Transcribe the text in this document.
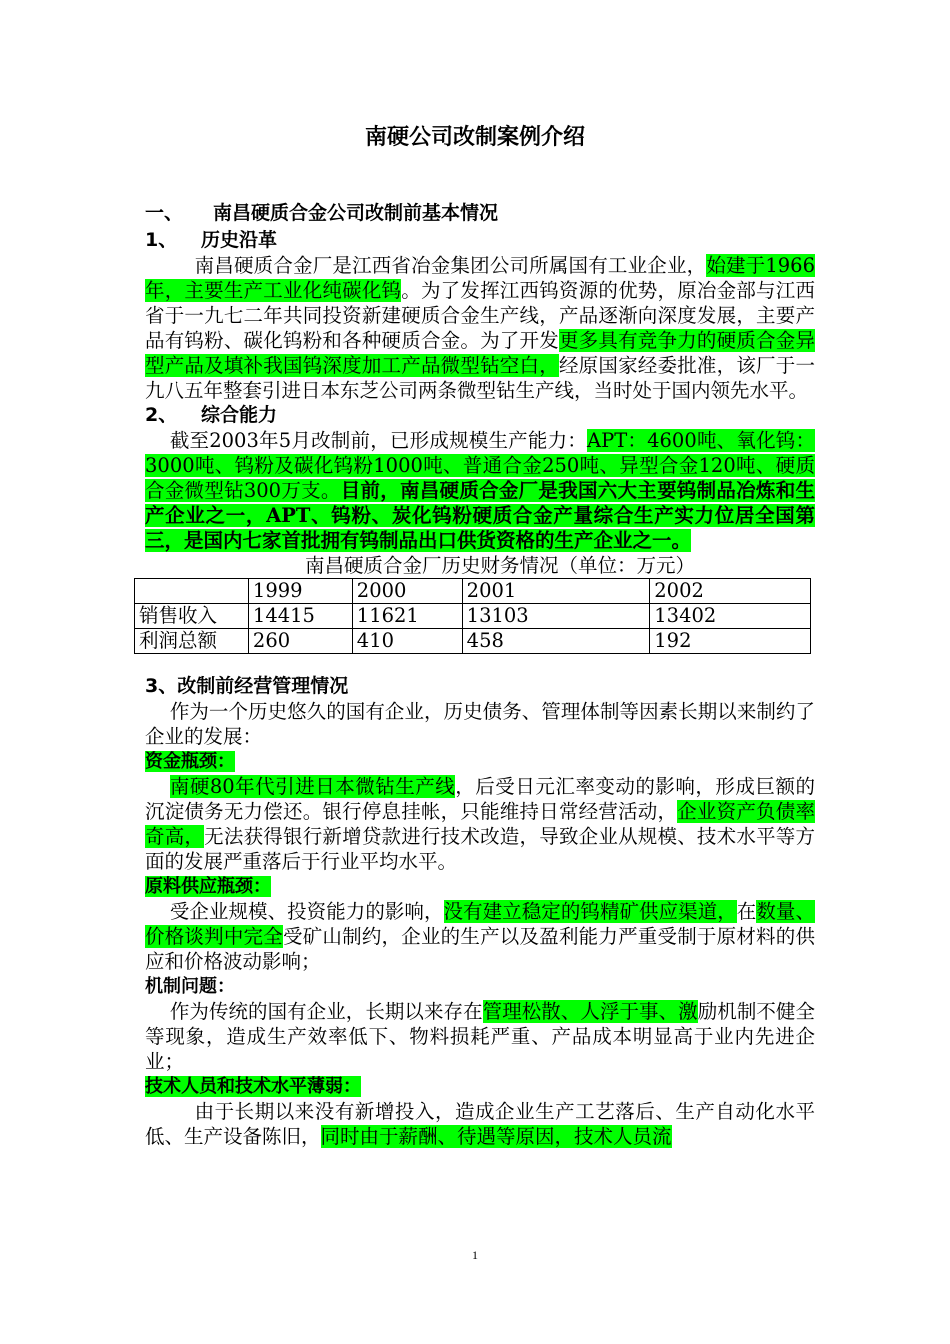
南硬公司改制案例介绍
一、 南昌硬质合金公司改制前基本情况
1、 历史沿革

南昌硬质合金厂是江西省冶金集团公司所属国有工业企业，始建于1966年，主要生产工业化纯碳化钨。为了发挥江西钨资源的优势，原冶金部与江西省于一九七二年共同投资新建硬质合金生产线，产品逐渐向深度发展，主要产品有钨粉、碳化钨粉和各种硬质合金。为了开发更多具有竞争力的硬质合金异型产品及填补我国钨深度加工产品微型钻空白，经原国家经委批准，该厂于一九八五年整套引进日本东芝公司两条微型钻生产线，当时处于国内领先水平。

2、 综合能力

截至2003年5月改制前，已形成规模生产能力：APT：4600吨、氧化钨：3000吨、钨粉及碳化钨粉1000吨、普通合金250吨、异型合金120吨、硬质合金微型钻300万支。目前，南昌硬质合金厂是我国六大主要钨制品冶炼和生产企业之一，APT、钨粉、炭化钨粉硬质合金产量综合生产实力位居全国第三，是国内七家首批拥有钨制品出口供货资格的生产企业之一。

南昌硬质合金厂历史财务情况（单位：万元）
	1999	2000	2001	2002
销售收入	14415	11621	13103	13402
利润总额	260	410	458	192
3、改制前经营管理情况

作为一个历史悠久的国有企业，历史债务、管理体制等因素长期以来制约了企业的发展：

资金瓶颈：

南硬80年代引进日本微钻生产线，后受日元汇率变动的影响，形成巨额的沉淀债务无力偿还。银行停息挂帐，只能维持日常经营活动，企业资产负债率奇高，无法获得银行新增贷款进行技术改造，导致企业从规模、技术水平等方面的发展严重落后于行业平均水平。

原料供应瓶颈：

受企业规模、投资能力的影响，没有建立稳定的钨精矿供应渠道，在数量、价格谈判中完全受矿山制约，企业的生产以及盈利能力严重受制于原材料的供应和价格波动影响；

机制问题：

作为传统的国有企业，长期以来存在管理松散、人浮于事、激励机制不健全等现象，造成生产效率低下、物料损耗严重、产品成本明显高于业内先进企业；

技术人员和技术水平薄弱：

由于长期以来没有新增投入，造成企业生产工艺落后、生产自动化水平低、生产设备陈旧，同时由于薪酬、待遇等原因，技术人员流

1
